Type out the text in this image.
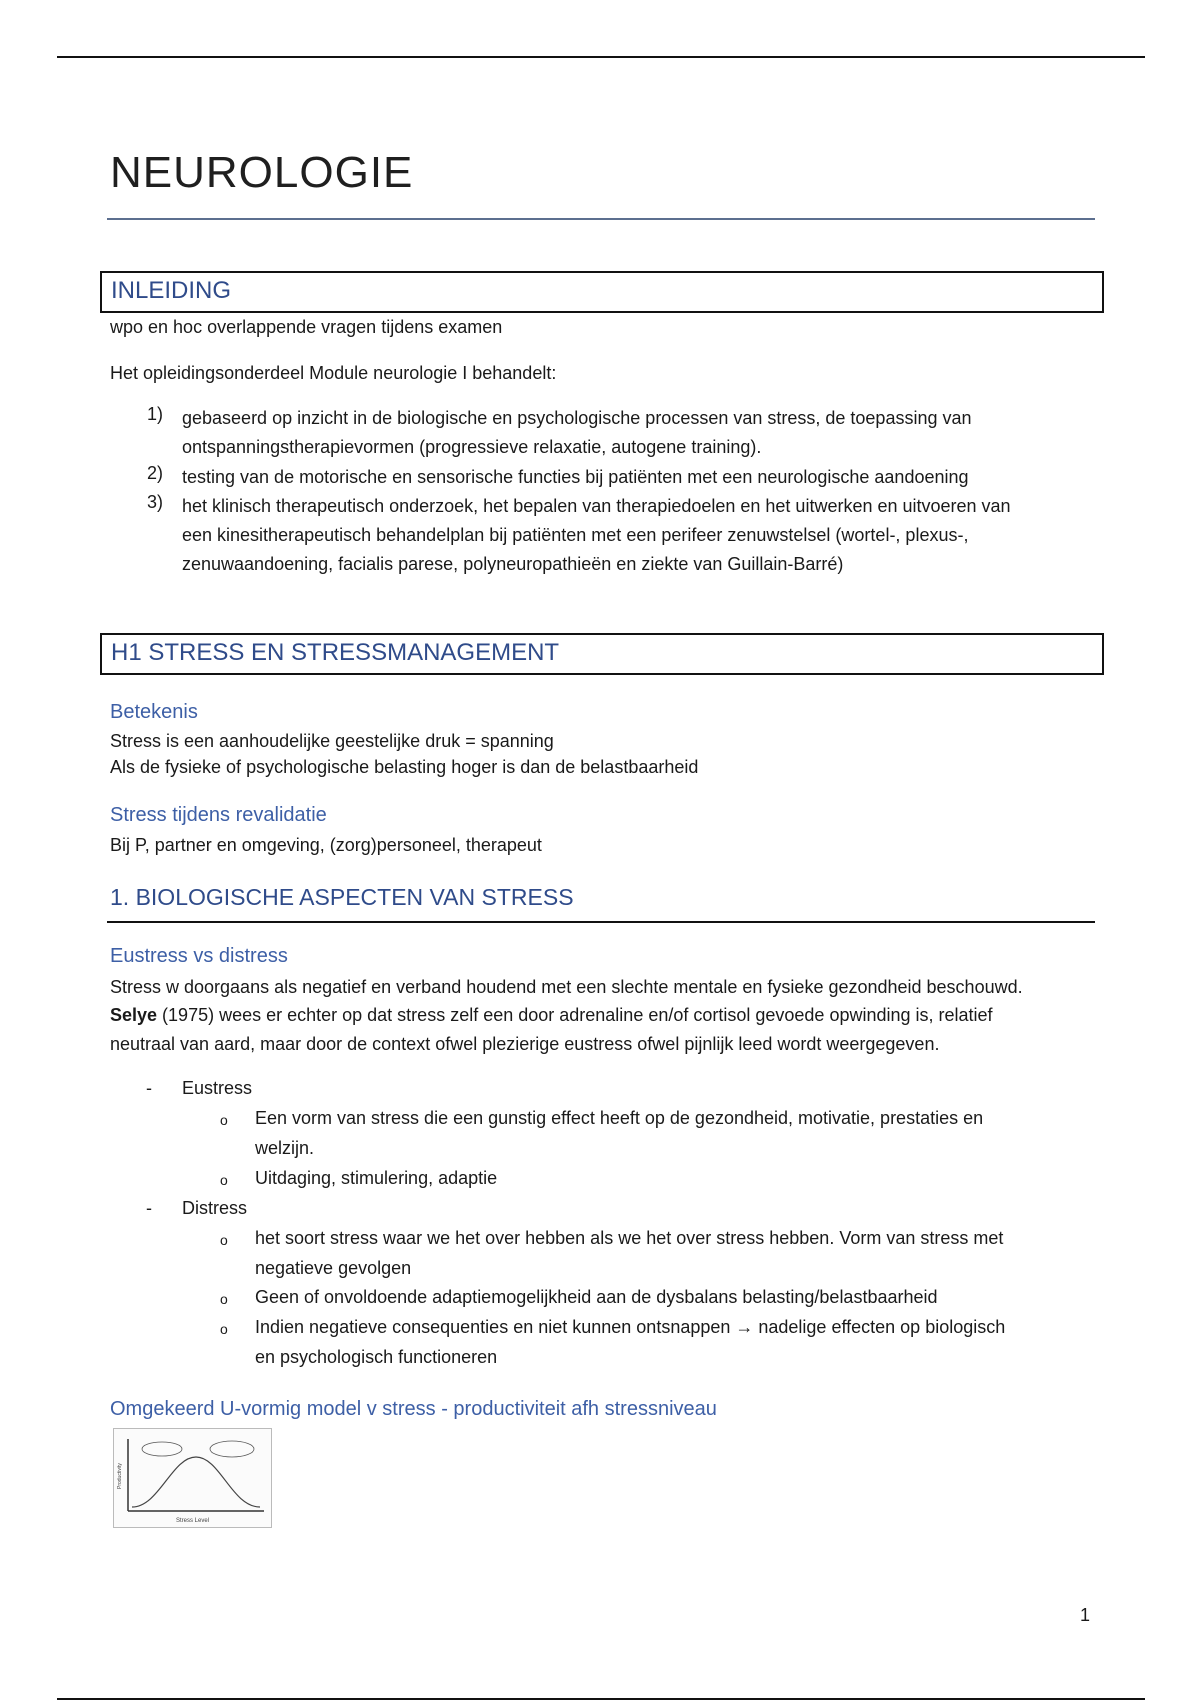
NEUROLOGIE
INLEIDING
wpo en hoc overlappende vragen tijdens examen
Het opleidingsonderdeel Module neurologie I behandelt:
1) gebaseerd op inzicht in de biologische en psychologische processen van stress, de toepassing van
ontspanningstherapievormen (progressieve relaxatie, autogene training).
2) testing van de motorische en sensorische functies bij patiënten met een neurologische aandoening
3) het klinisch therapeutisch onderzoek, het bepalen van therapiedoelen en het uitwerken en uitvoeren van
een kinesitherapeutisch behandelplan bij patiënten met een perifeer zenuwstelsel (wortel-, plexus-,
zenuwaandoening, facialis parese, polyneuropathieën en ziekte van Guillain-Barré)
H1 STRESS EN STRESSMANAGEMENT
Betekenis
Stress is een aanhoudelijke geestelijke druk = spanning
Als de fysieke of psychologische belasting hoger is dan de belastbaarheid
Stress tijdens revalidatie
Bij P, partner en omgeving, (zorg)personeel, therapeut
1. BIOLOGISCHE ASPECTEN VAN STRESS
Eustress vs distress
Stress w doorgaans als negatief en verband houdend met een slechte mentale en fysieke gezondheid beschouwd.
Selye (1975) wees er echter op dat stress zelf een door adrenaline en/of cortisol gevoede opwinding is, relatief
neutraal van aard, maar door de context ofwel plezierige eustress ofwel pijnlijk leed wordt weergegeven.
- Eustress
o Een vorm van stress die een gunstig effect heeft op de gezondheid, motivatie, prestaties en
welzijn.
o Uitdaging, stimulering, adaptie
- Distress
o het soort stress waar we het over hebben als we het over stress hebben. Vorm van stress met
negatieve gevolgen
o Geen of onvoldoende adaptiemogelijkheid aan de dysbalans belasting/belastbaarheid
o Indien negatieve consequenties en niet kunnen ontsnappen → nadelige effecten op biologisch
en psychologisch functioneren
Omgekeerd U-vormig model v stress - productiviteit afh stressniveau
Productivity
Stress Level
1
